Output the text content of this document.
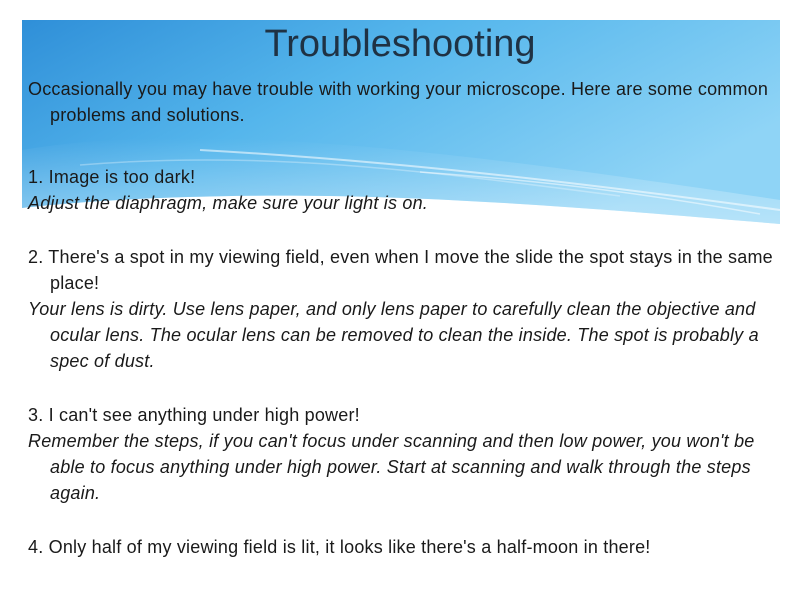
Troubleshooting

Occasionally you may have trouble with working your microscope. Here are some common problems and solutions.

1. Image is too dark!

Adjust the diaphragm, make sure your light is on.

2. There's a spot in my viewing field, even when I move the slide the spot stays in the same place!

Your lens is dirty. Use lens paper, and only lens paper to carefully clean the objective and ocular lens. The ocular lens can be removed to clean the inside. The spot is probably a spec of dust.

3. I can't see anything under high power!

Remember the steps, if you can't focus under scanning and then low power, you won't be able to focus anything under high power. Start at scanning and walk through the steps again.

4. Only half of my viewing field is lit, it looks like there's a half-moon in there!
